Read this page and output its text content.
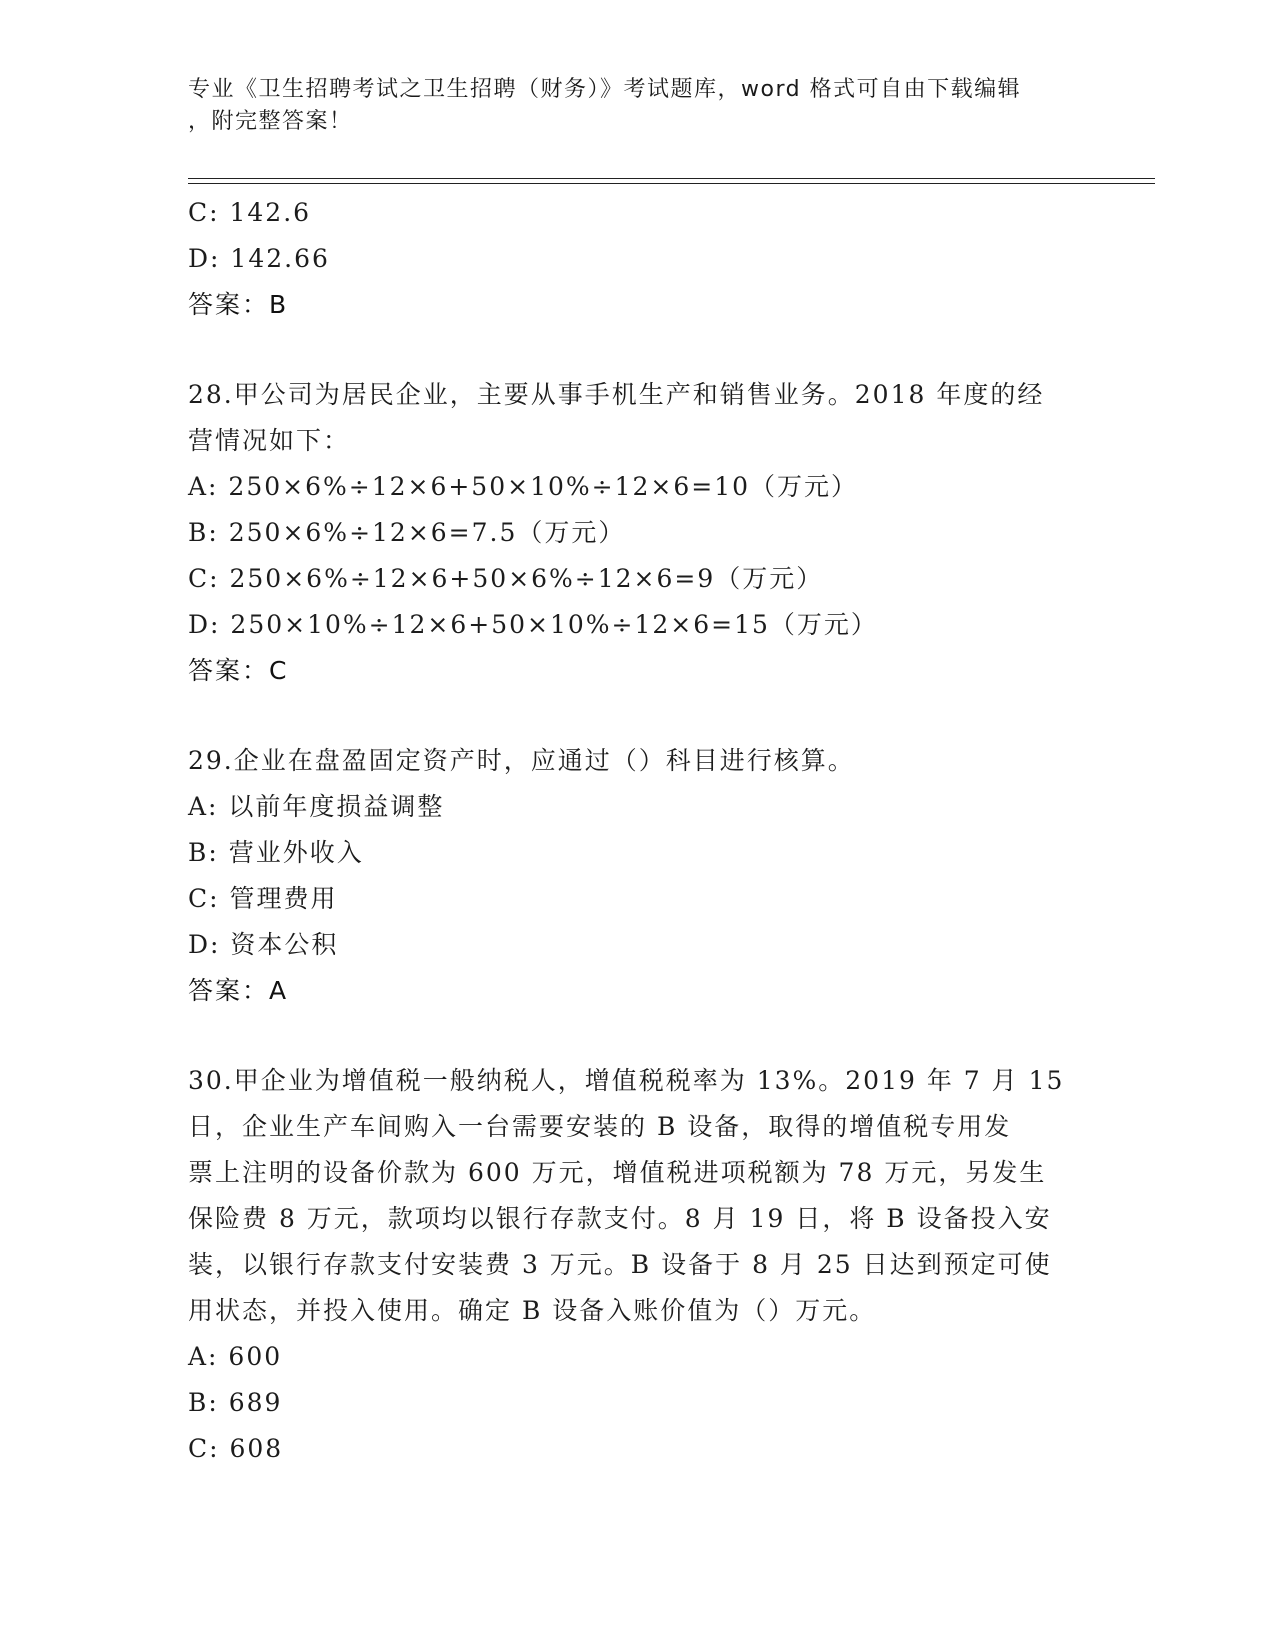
专业《卫生招聘考试之卫生招聘（财务）》考试题库，word 格式可自由下载编辑
，附完整答案！
C: 142.6
D: 142.66
答案：B
28.甲公司为居民企业，主要从事手机生产和销售业务。2018 年度的经
营情况如下：
A: 250×6%÷12×6+50×10%÷12×6=10（万元）
B: 250×6%÷12×6=7.5（万元）
C: 250×6%÷12×6+50×6%÷12×6=9（万元）
D: 250×10%÷12×6+50×10%÷12×6=15（万元）
答案：C
29.企业在盘盈固定资产时，应通过（）科目进行核算。
A: 以前年度损益调整
B: 营业外收入
C: 管理费用
D: 资本公积
答案：A
30.甲企业为增值税一般纳税人，增值税税率为 13%。2019 年 7 月 15
日，企业生产车间购入一台需要安装的 B 设备，取得的增值税专用发
票上注明的设备价款为 600 万元，增值税进项税额为 78 万元，另发生
保险费 8 万元，款项均以银行存款支付。8 月 19 日，将 B 设备投入安
装，以银行存款支付安装费 3 万元。B 设备于 8 月 25 日达到预定可使
用状态，并投入使用。确定 B 设备入账价值为（）万元。
A: 600
B: 689
C: 608
